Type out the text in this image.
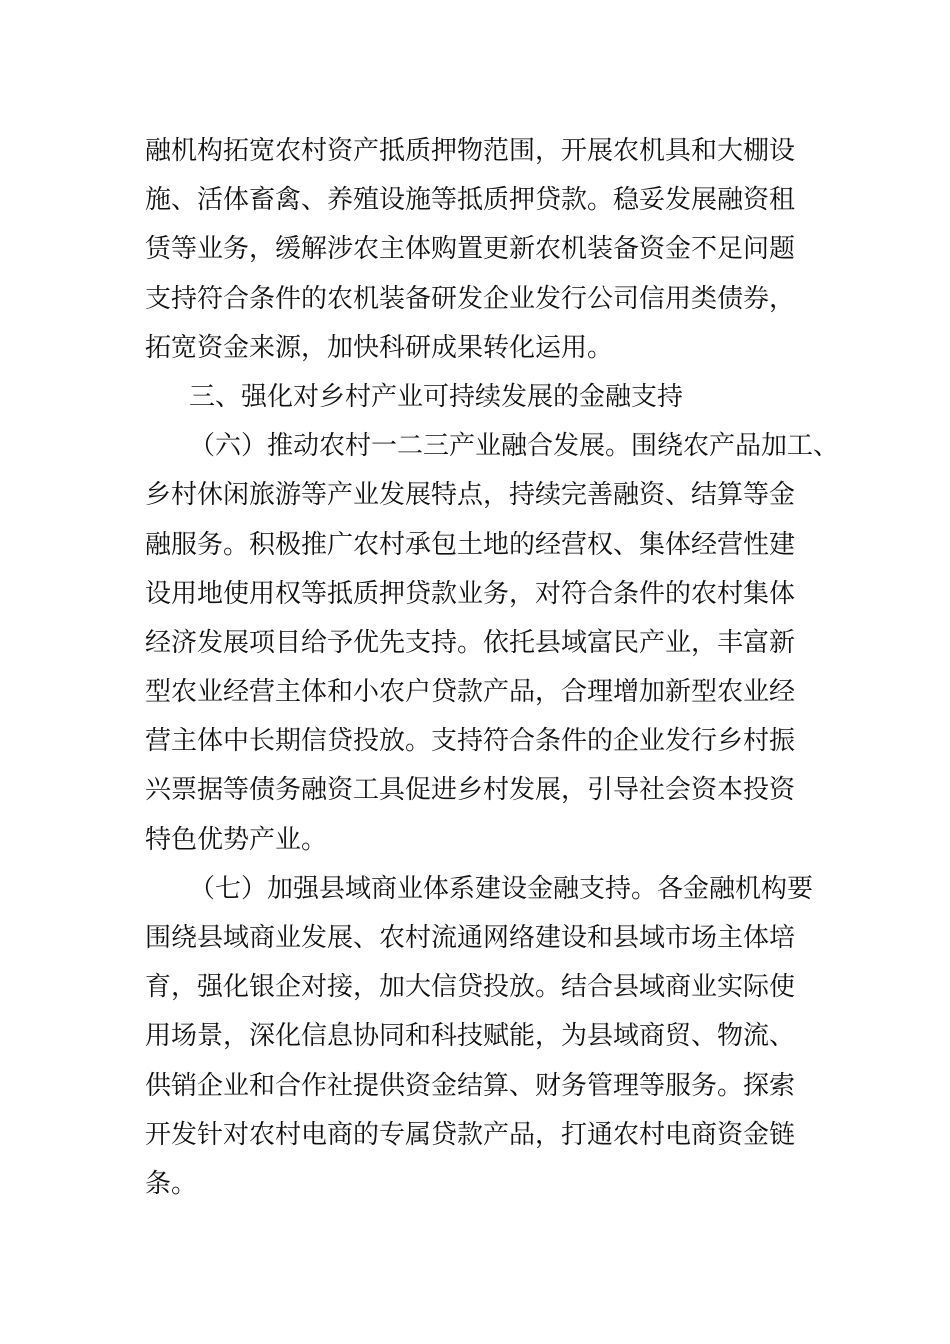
融机构拓宽农村资产抵质押物范围，开展农机具和大棚设
施、活体畜禽、养殖设施等抵质押贷款。稳妥发展融资租
赁等业务，缓解涉农主体购置更新农机装备资金不足问题
支持符合条件的农机装备研发企业发行公司信用类债券，
拓宽资金来源，加快科研成果转化运用。
三、强化对乡村产业可持续发展的金融支持
（六）推动农村一二三产业融合发展。围绕农产品加工、
乡村休闲旅游等产业发展特点，持续完善融资、结算等金
融服务。积极推广农村承包土地的经营权、集体经营性建
设用地使用权等抵质押贷款业务，对符合条件的农村集体
经济发展项目给予优先支持。依托县域富民产业，丰富新
型农业经营主体和小农户贷款产品，合理增加新型农业经
营主体中长期信贷投放。支持符合条件的企业发行乡村振
兴票据等债务融资工具促进乡村发展，引导社会资本投资
特色优势产业。
（七）加强县域商业体系建设金融支持。各金融机构要
围绕县域商业发展、农村流通网络建设和县域市场主体培
育，强化银企对接，加大信贷投放。结合县域商业实际使
用场景，深化信息协同和科技赋能，为县域商贸、物流、
供销企业和合作社提供资金结算、财务管理等服务。探索
开发针对农村电商的专属贷款产品，打通农村电商资金链
条。
